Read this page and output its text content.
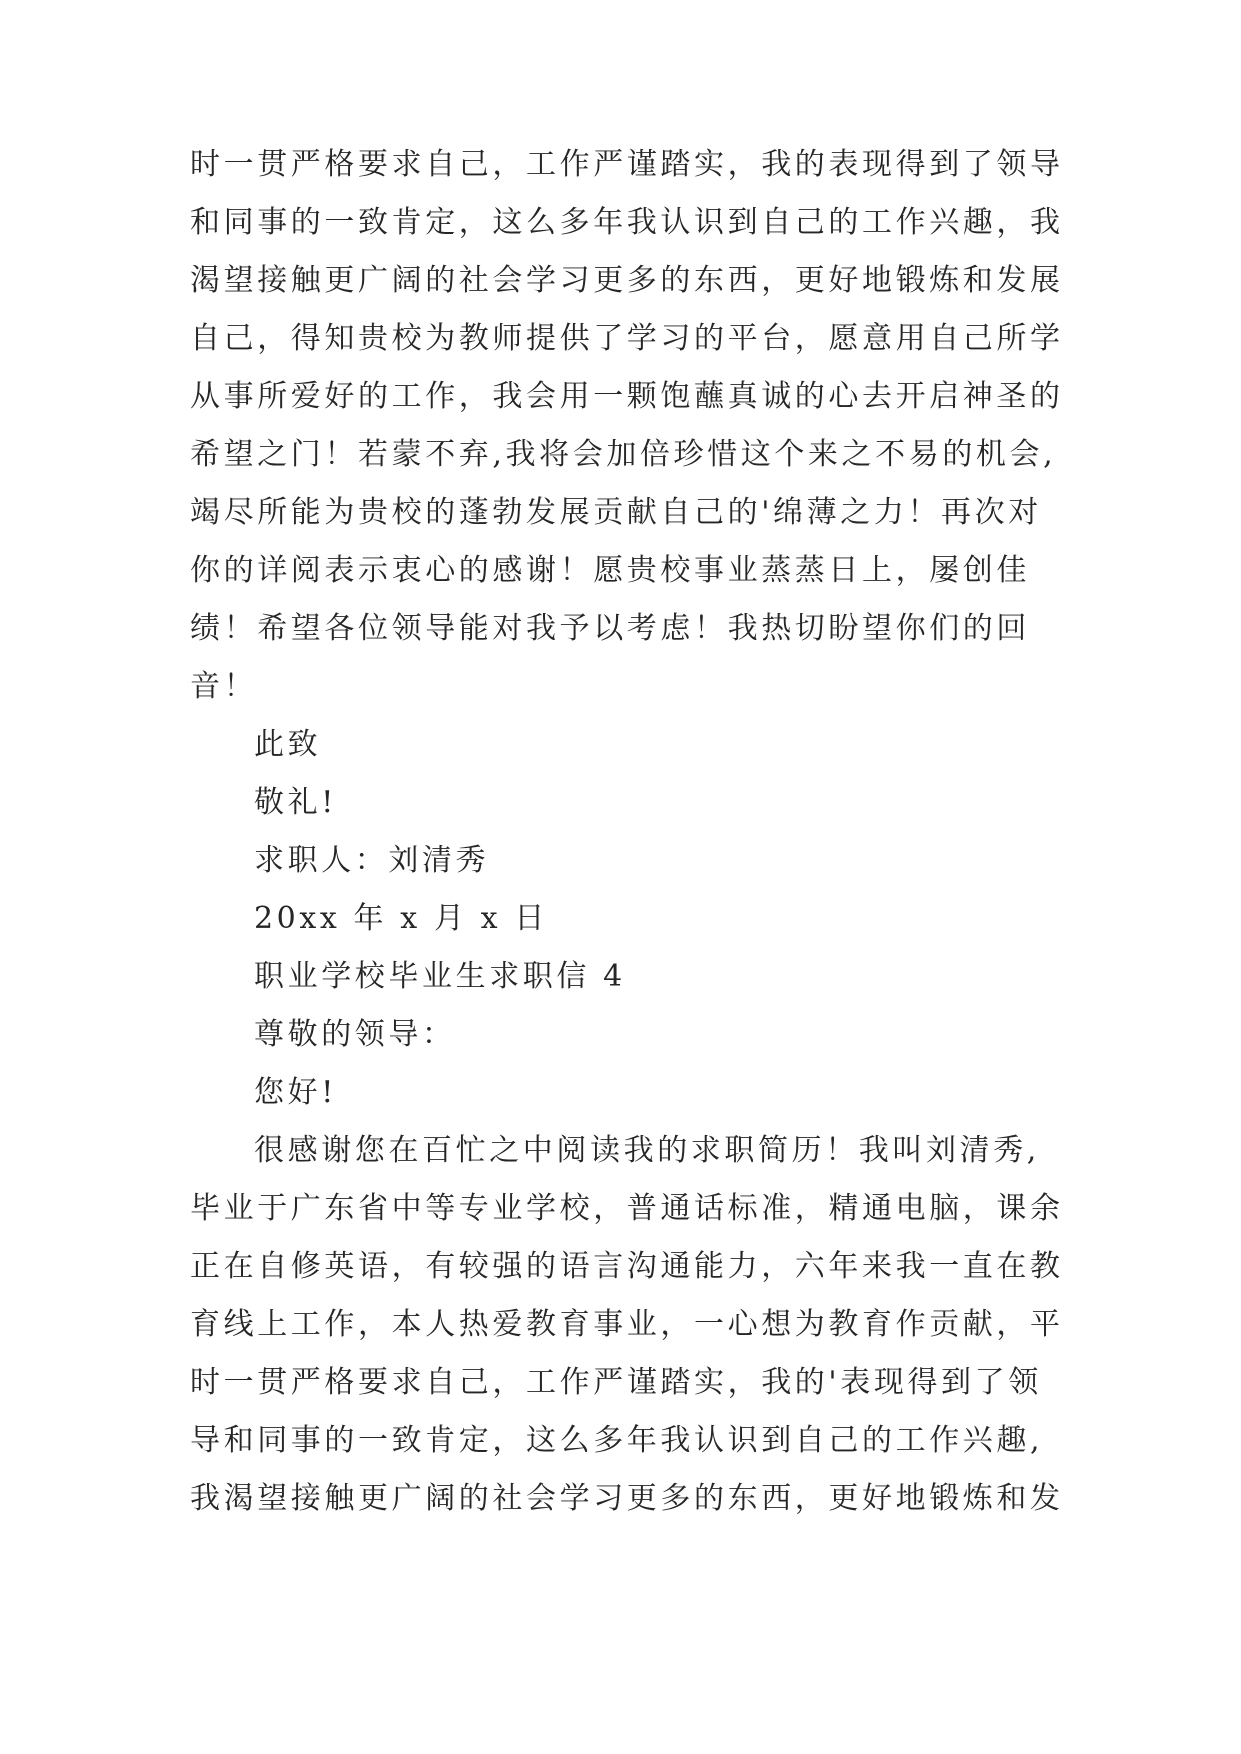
时一贯严格要求自己，工作严谨踏实，我的表现得到了领导
和同事的一致肯定，这么多年我认识到自己的工作兴趣，我
渴望接触更广阔的社会学习更多的东西，更好地锻炼和发展
自己，得知贵校为教师提供了学习的平台，愿意用自己所学
从事所爱好的工作，我会用一颗饱蘸真诚的心去开启神圣的
希望之门！若蒙不弃,我将会加倍珍惜这个来之不易的机会,
竭尽所能为贵校的蓬勃发展贡献自己的'绵薄之力！再次对
你的详阅表示衷心的感谢！愿贵校事业蒸蒸日上，屡创佳
绩！希望各位领导能对我予以考虑！我热切盼望你们的回
音！
此致
敬礼!
求职人：刘清秀
20xx 年 x 月 x 日
职业学校毕业生求职信 4
尊敬的领导：
您好!
很感谢您在百忙之中阅读我的求职简历！我叫刘清秀,
毕业于广东省中等专业学校，普通话标准，精通电脑，课余
正在自修英语，有较强的语言沟通能力，六年来我一直在教
育线上工作，本人热爱教育事业，一心想为教育作贡献，平
时一贯严格要求自己，工作严谨踏实，我的'表现得到了领
导和同事的一致肯定，这么多年我认识到自己的工作兴趣,
我渴望接触更广阔的社会学习更多的东西，更好地锻炼和发
